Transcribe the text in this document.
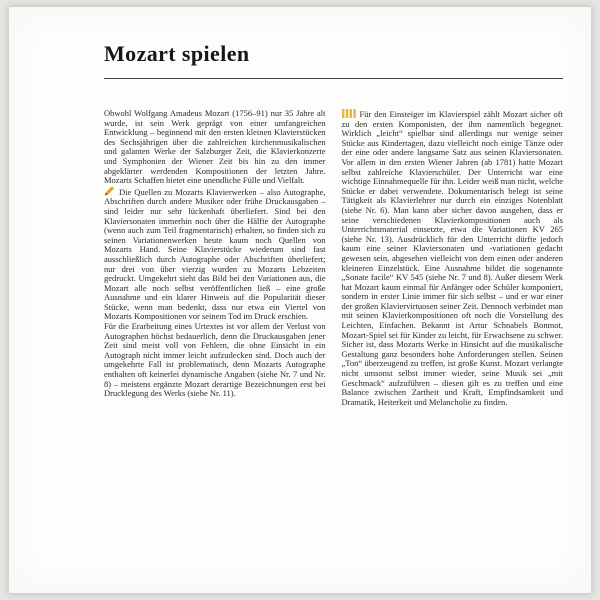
Mozart spielen

Obwohl Wolfgang Amadeus Mozart (1756–91) nur 35 Jahre alt wurde, ist sein Werk geprägt von einer umfangreichen Entwicklung – beginnend mit den ersten kleinen Klavierstücken des Sechsjährigen über die zahlreichen kirchenmusikalischen und galanten Werke der Salzburger Zeit, die Klavierkonzerte und Symphonien der Wiener Zeit bis hin zu den immer abgeklärter werdenden Kompositionen der letzten Jahre. Mozarts Schaffen bietet eine unendliche Fülle und Vielfalt.

Die Quellen zu Mozarts Klavierwerken – also Autographe, Abschriften durch andere Musiker oder frühe Druckausgaben – sind leider nur sehr lückenhaft überliefert. Sind bei den Klaviersonaten immerhin noch über die Hälfte der Autographe (wenn auch zum Teil fragmentarisch) erhalten, so finden sich zu seinen Variationenwerken heute kaum noch Quellen von Mozarts Hand. Seine Klavierstücke wiederum sind fast ausschließlich durch Autographe oder Abschriften überliefert; nur drei von über vierzig wurden zu Mozarts Lebzeiten gedruckt. Umgekehrt sieht das Bild bei den Variationen aus, die Mozart alle noch selbst veröffentlichen ließ – eine große Ausnahme und ein klarer Hinweis auf die Popularität dieser Stücke, wenn man bedenkt, dass nur etwa ein Viertel von Mozarts Kompositionen vor seinem Tod im Druck erschien.

Für die Erarbeitung eines Urtextes ist vor allem der Verlust von Autographen höchst bedauerlich, denn die Druckausgaben jener Zeit sind meist voll von Fehlern, die ohne Einsicht in ein Autograph nicht immer leicht aufzudecken sind. Doch auch der umgekehrte Fall ist problematisch, denn Mozarts Autographe enthalten oft keinerlei dynamische Angaben (siehe Nr. 7 und Nr. 8) – meistens ergänzte Mozart derartige Bezeichnungen erst bei Drucklegung des Werks (siehe Nr. 11).

Für den Einsteiger im Klavierspiel zählt Mozart sicher oft zu den ersten Komponisten, der ihm namentlich begegnet. Wirklich „leicht“ spielbar sind allerdings nur wenige seiner Stücke aus Kindertagen, dazu vielleicht noch einige Tänze oder der eine oder andere langsame Satz aus seinen Klaviersonaten. Vor allem in den ersten Wiener Jahren (ab 1781) hatte Mozart selbst zahlreiche Klavierschüler. Der Unterricht war eine wichtige Einnahmequelle für ihn. Leider weiß man nicht, welche Stücke er dabei verwendete. Dokumentarisch belegt ist seine Tätigkeit als Klavierlehrer nur durch ein einziges Notenblatt (siehe Nr. 6). Man kann aber sicher davon ausgehen, dass er seine verschiedenen Klavierkompositionen auch als Unterrichtsmaterial einsetzte, etwa die Variationen KV 265 (siehe Nr. 13). Ausdrücklich für den Unterricht dürfte jedoch kaum eine seiner Klaviersonaten und -variationen gedacht gewesen sein, abgesehen vielleicht von dem einen oder anderen kleineren Einzelstück. Eine Ausnahme bildet die sogenannte „Sonate facile“ KV 545 (siehe Nr. 7 und 8). Außer diesem Werk hat Mozart kaum einmal für Anfänger oder Schüler komponiert, sondern in erster Linie immer für sich selbst – und er war einer der großen Klaviervirtuosen seiner Zeit. Dennoch verbindet man mit seinen Klavierkompositionen oft noch die Vorstellung des Leichten, Einfachen. Bekannt ist Artur Schnabels Bonmot, Mozart-Spiel sei für Kinder zu leicht, für Erwachsene zu schwer. Sicher ist, dass Mozarts Werke in Hinsicht auf die musikalische Gestaltung ganz besonders hohe Anforderungen stellen. Seinen „Ton“ überzeugend zu treffen, ist große Kunst. Mozart verlangte nicht umsonst selbst immer wieder, seine Musik sei „mit Geschmack“ aufzuführen – diesen gilt es zu treffen und eine Balance zwischen Zartheit und Kraft, Empfindsamkeit und Dramatik, Heiterkeit und Melancholie zu finden.
